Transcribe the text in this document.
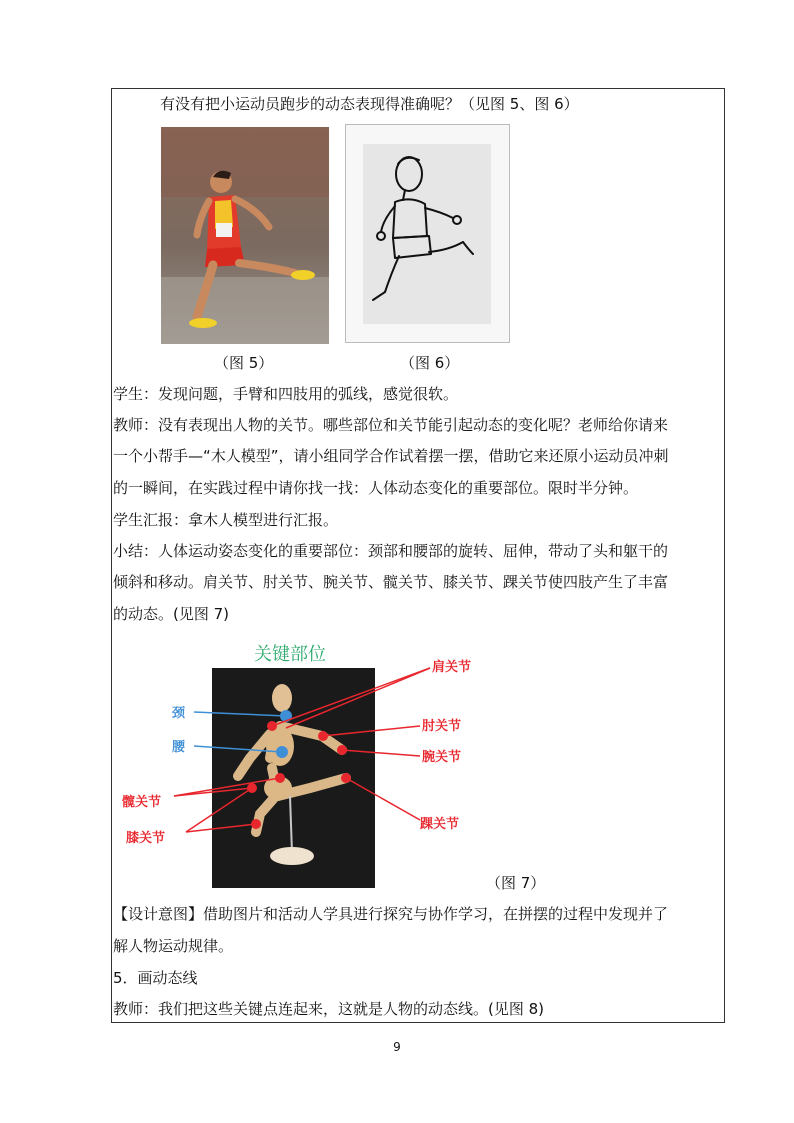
有没有把小运动员跑步的动态表现得准确呢？（见图 5、图 6）
（图 5）	（图 6）
学生：发现问题，手臂和四肢用的弧线，感觉很软。
教师：没有表现出人物的关节。哪些部位和关节能引起动态的变化呢？老师给你请来
一个小帮手—“木人模型”，请小组同学合作试着摆一摆，借助它来还原小运动员冲刺
的一瞬间，在实践过程中请你找一找：人体动态变化的重要部位。限时半分钟。
学生汇报：拿木人模型进行汇报。
小结：人体运动姿态变化的重要部位：颈部和腰部的旋转、屈伸，带动了头和躯干的
倾斜和移动。肩关节、肘关节、腕关节、髋关节、膝关节、踝关节使四肢产生了丰富
的动态。(见图 7)
关键部位
肩关节
肘关节
腕关节
髋关节
踝关节
膝关节
颈
腰
（图 7）
【设计意图】借助图片和活动人学具进行探究与协作学习，在拼摆的过程中发现并了
解人物运动规律。
5．画动态线
教师：我们把这些关键点连起来，这就是人物的动态线。(见图 8)
9
